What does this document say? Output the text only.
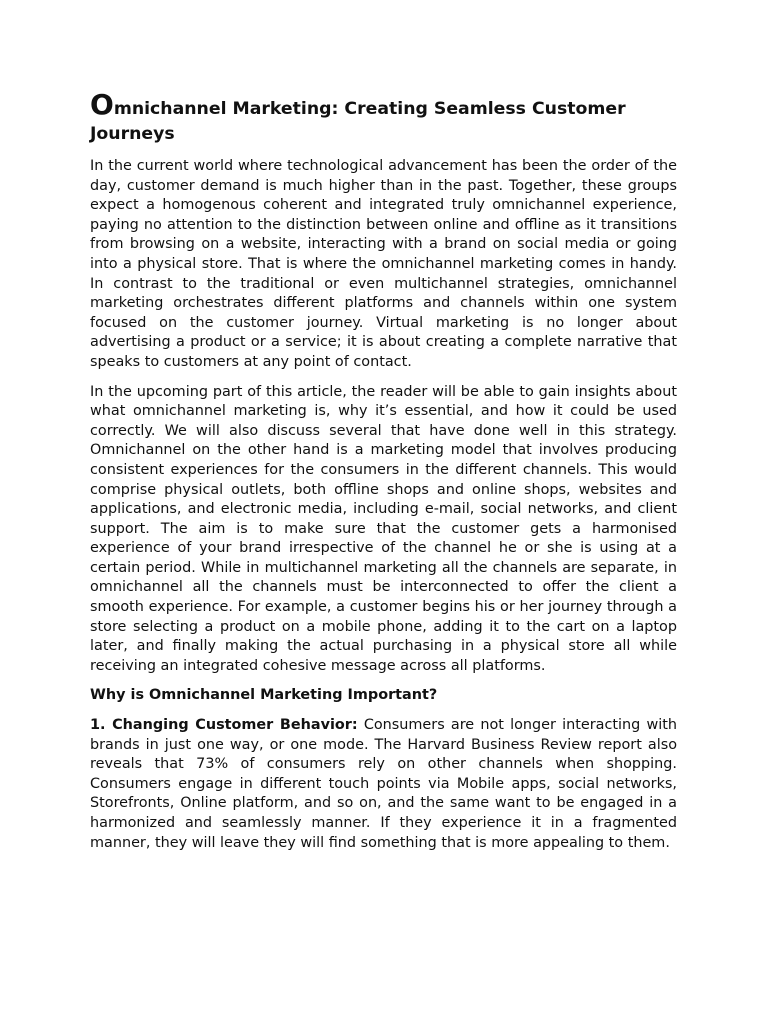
Omnichannel Marketing: Creating Seamless Customer Journeys

In the current world where technological advancement has been the order of the day, customer demand is much higher than in the past. Together, these groups expect a homogenous coherent and integrated truly omnichannel experience, paying no attention to the distinction between online and offline as it transitions from browsing on a website, interacting with a brand on social media or going into a physical store. That is where the omnichannel marketing comes in handy. In contrast to the traditional or even multichannel strategies, omnichannel marketing orchestrates different platforms and channels within one system focused on the customer journey. Virtual marketing is no longer about advertising a product or a service; it is about creating a complete narrative that speaks to customers at any point of contact.

In the upcoming part of this article, the reader will be able to gain insights about what omnichannel marketing is, why it’s essential, and how it could be used correctly. We will also discuss several that have done well in this strategy. Omnichannel on the other hand is a marketing model that involves producing consistent experiences for the consumers in the different channels. This would comprise physical outlets, both offline shops and online shops, websites and applications, and electronic media, including e-mail, social networks, and client support. The aim is to make sure that the customer gets a harmonised experience of your brand irrespective of the channel he or she is using at a certain period. While in multichannel marketing all the channels are separate, in omnichannel all the channels must be interconnected to offer the client a smooth experience. For example, a customer begins his or her journey through a store selecting a product on a mobile phone, adding it to the cart on a laptop later, and finally making the actual purchasing in a physical store all while receiving an integrated cohesive message across all platforms.

Why is Omnichannel Marketing Important?

1. Changing Customer Behavior: Consumers are not longer interacting with brands in just one way, or one mode. The Harvard Business Review report also reveals that 73% of consumers rely on other channels when shopping. Consumers engage in different touch points via Mobile apps, social networks, Storefronts, Online platform, and so on, and the same want to be engaged in a harmonized and seamlessly manner. If they experience it in a fragmented manner, they will leave they will find something that is more appealing to them.
